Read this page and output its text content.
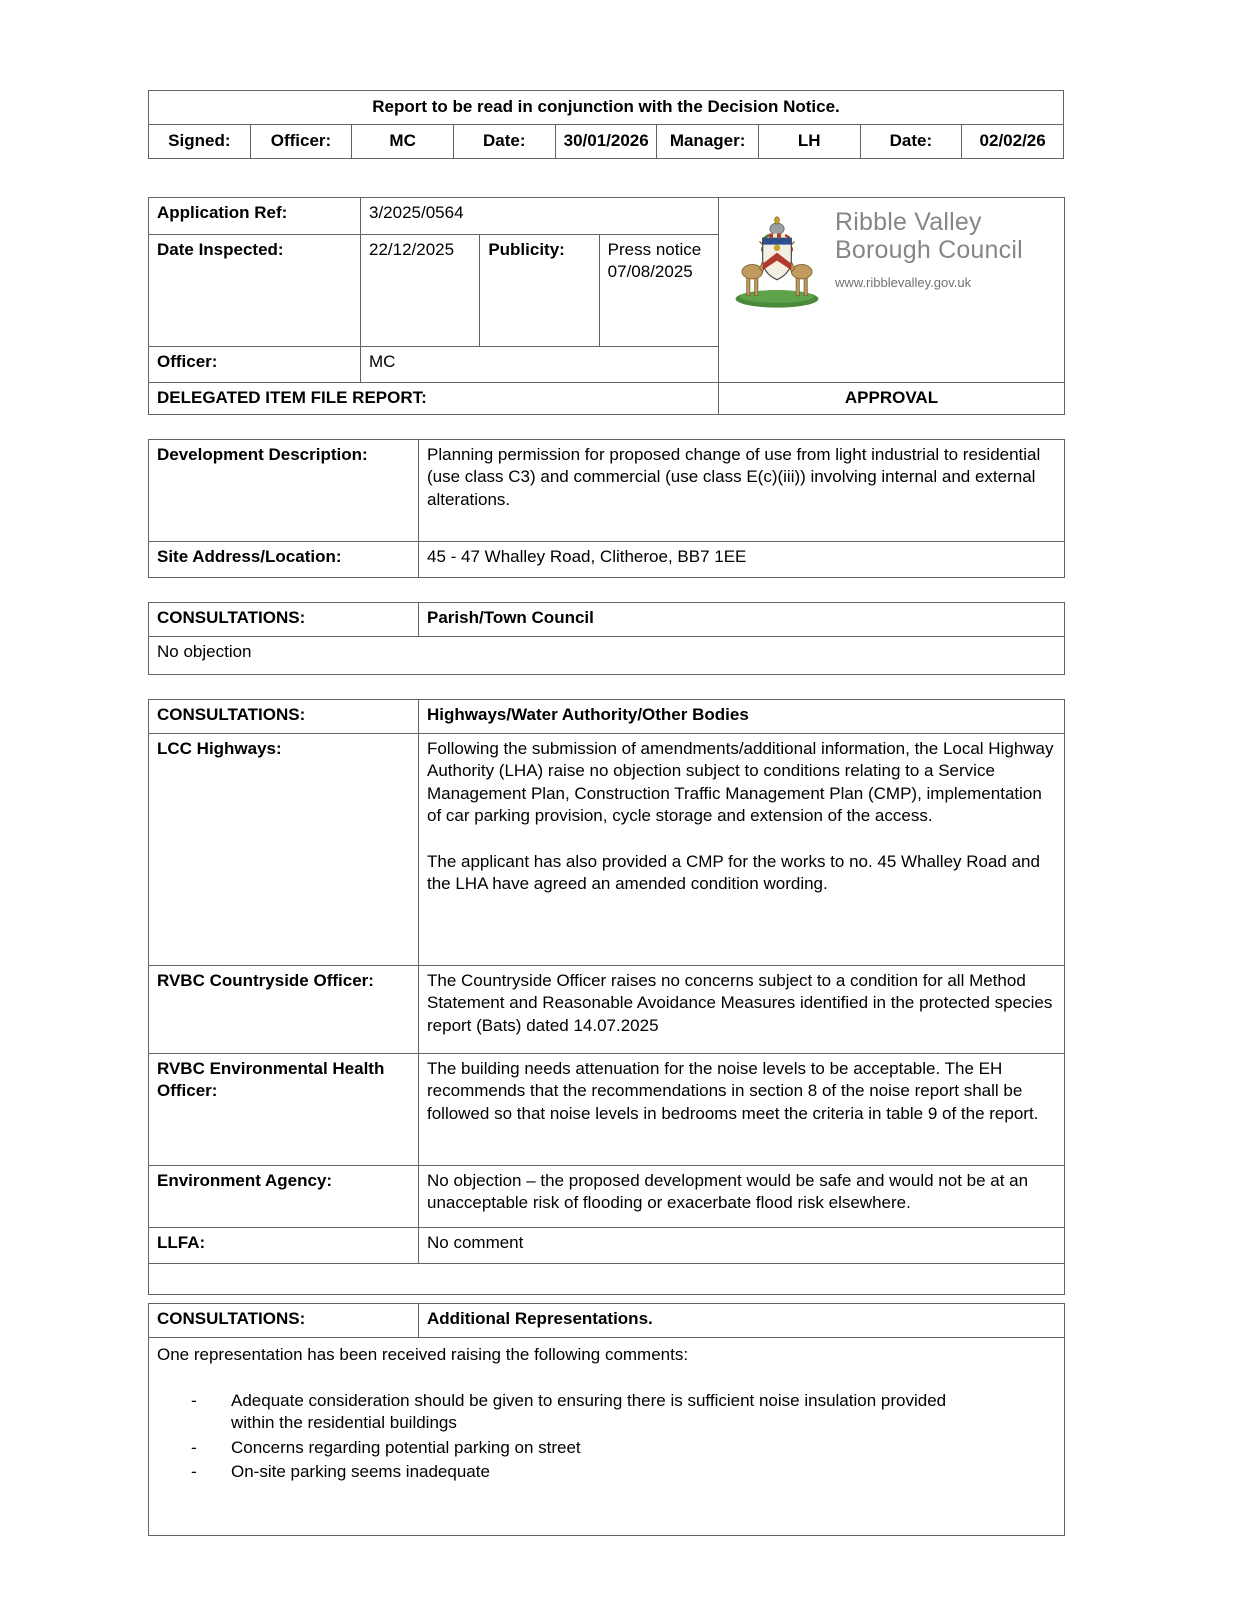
Report to be read in conjunction with the Decision Notice.
Signed:	Officer:	MC	Date:	30/01/2026	Manager:	LH	Date:	02/02/26
Application Ref:	3/2025/0564			Ribble Valley
Borough Council
www.ribblevalley.gov.uk

Date Inspected:	22/12/2025	Publicity:	Press notice 07/08/2025	
Officer:	MC			
DELEGATED ITEM FILE REPORT:				APPROVAL
Development Description:	Planning permission for proposed change of use from light industrial to residential (use class C3) and commercial (use class E(c)(iii)) involving internal and external alterations.
Site Address/Location:	45 - 47 Whalley Road, Clitheroe, BB7 1EE
CONSULTATIONS:	Parish/Town Council
No objection
CONSULTATIONS:	Highways/Water Authority/Other Bodies
LCC Highways:	Following the submission of amendments/additional information, the Local Highway Authority (LHA) raise no objection subject to conditions relating to a Service Management Plan, Construction Traffic Management Plan (CMP), implementation of car parking provision, cycle storage and extension of the access.

The applicant has also provided a CMP for the works to no. 45 Whalley Road and the LHA have agreed an amended condition wording.

RVBC Countryside Officer:	The Countryside Officer raises no concerns subject to a condition for all Method Statement and Reasonable Avoidance Measures identified in the protected species report (Bats) dated 14.07.2025
RVBC Environmental Health Officer:	The building needs attenuation for the noise levels to be acceptable. The EH recommends that the recommendations in section 8 of the noise report shall be followed so that noise levels in bedrooms meet the criteria in table 9 of the report.
Environment Agency:	No objection – the proposed development would be safe and would not be at an unacceptable risk of flooding or exacerbate flood risk elsewhere.
LLFA:	No comment

CONSULTATIONS:	Additional Representations.

One representation has been received raising the following comments:

- Adequate consideration should be given to ensuring there is sufficient noise insulation provided within the residential buildings
- Concerns regarding potential parking on street
- On-site parking seems inadequate
